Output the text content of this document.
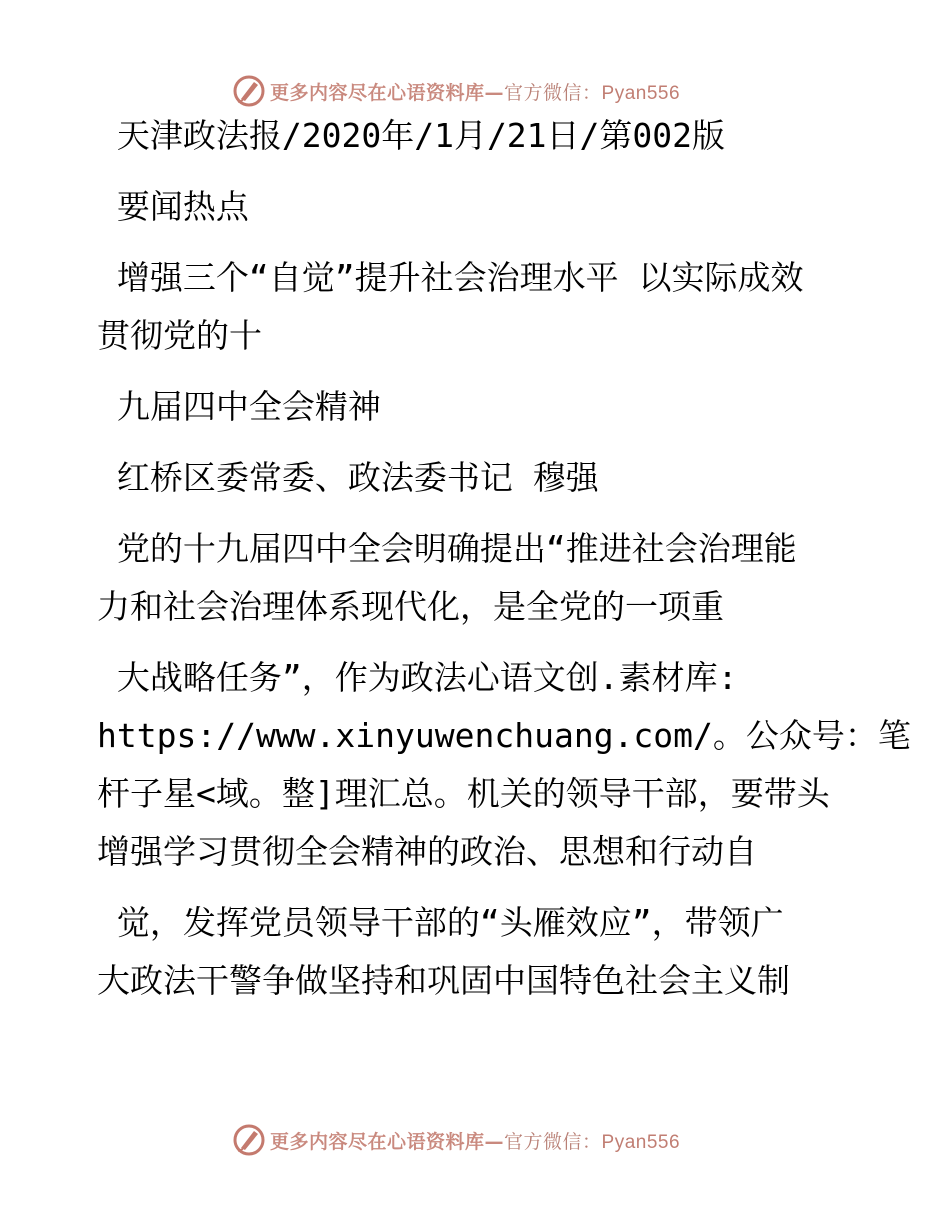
更多内容尽在心语资料库—官方微信：Pyan556

天津政法报/2020年/1月/21日/第002版

要闻热点

增强三个“自觉”提升社会治理水平 以实际成效

贯彻党的十

九届四中全会精神

红桥区委常委、政法委书记 穆强

党的十九届四中全会明确提出“推进社会治理能

力和社会治理体系现代化，是全党的一项重

大战略任务”，作为政法心语文创.素材库:

https://www.xinyuwenchuang.com/。公众号：笔

杆子星<域。整]理汇总。机关的领导干部，要带头

增强学习贯彻全会精神的政治、思想和行动自

觉，发挥党员领导干部的“头雁效应”，带领广

大政法干警争做坚持和巩固中国特色社会主义制

更多内容尽在心语资料库—官方微信：Pyan556
